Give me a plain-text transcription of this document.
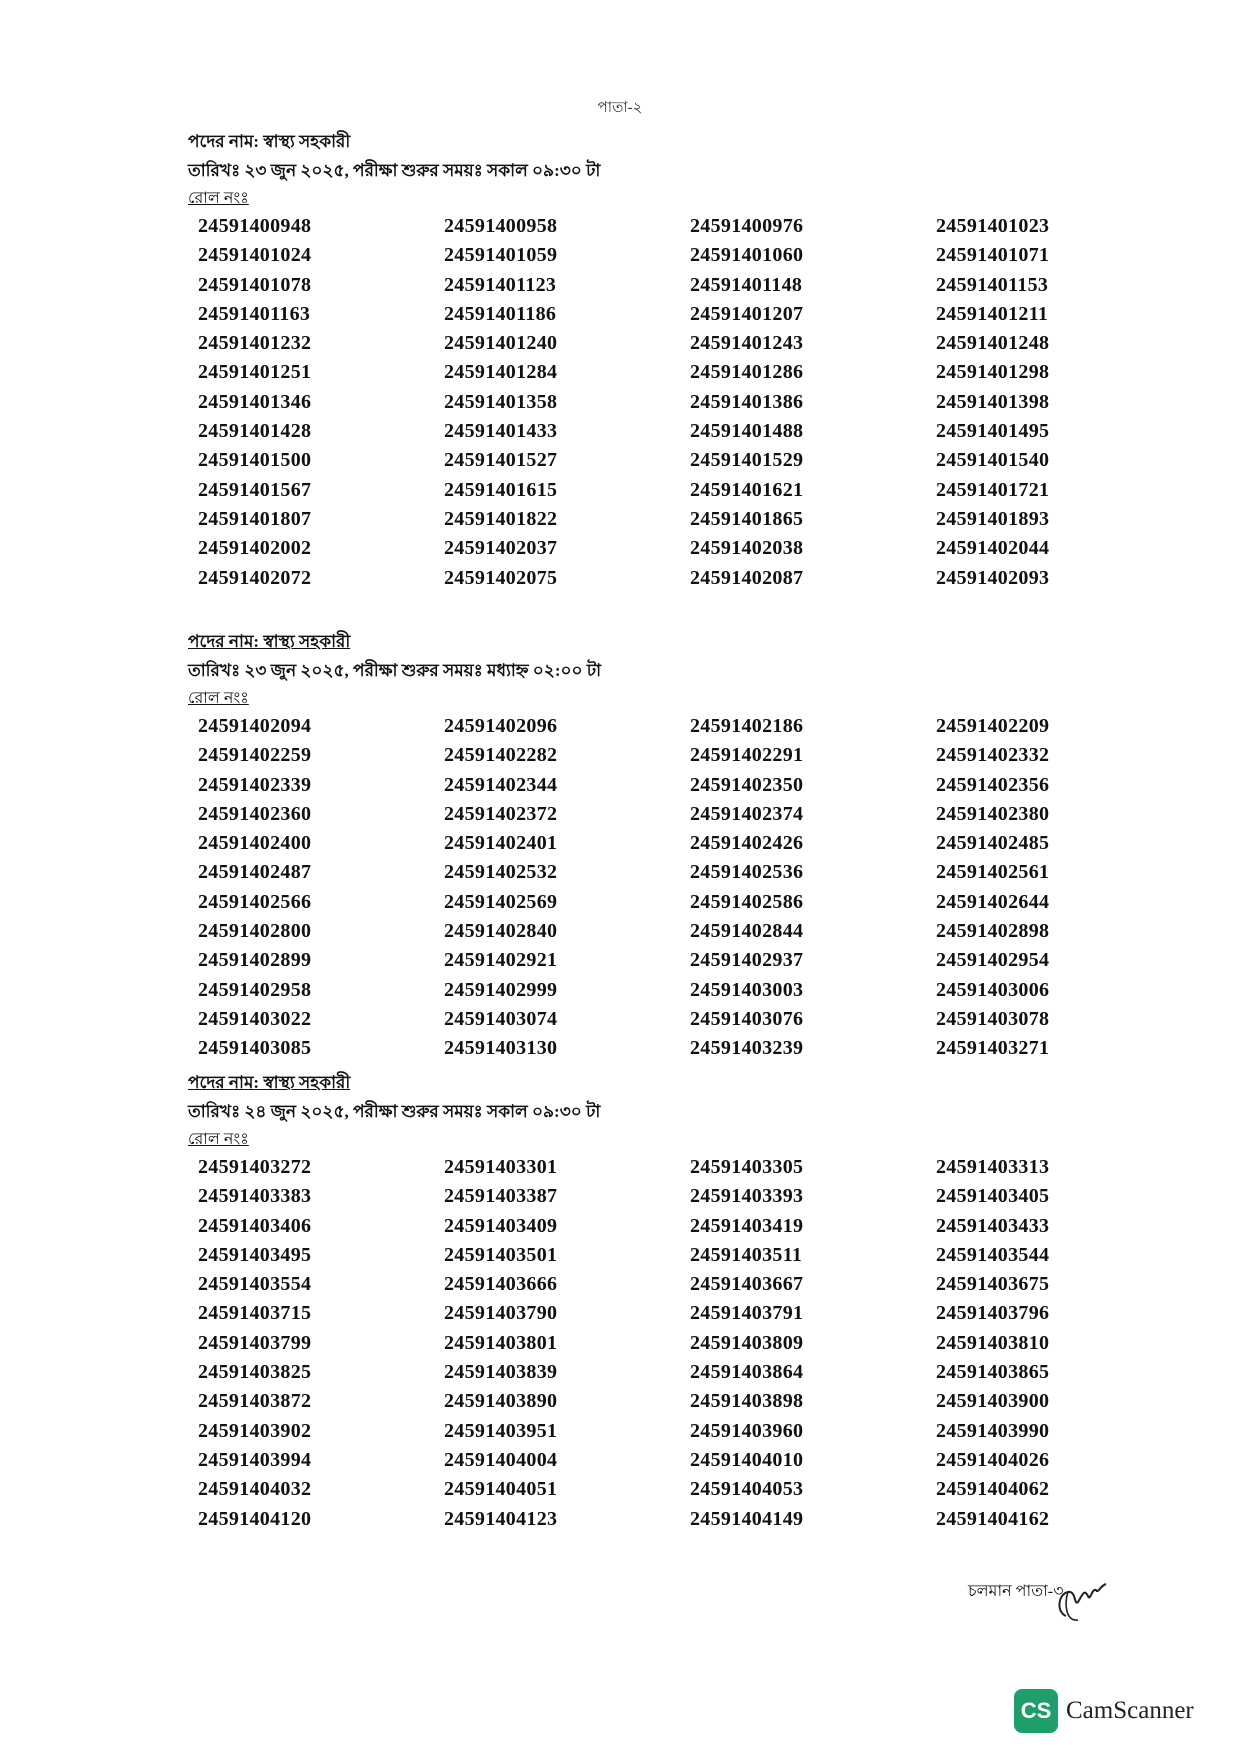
পাতা-২
পদের নাম: স্বাস্থ্য সহকারী
তারিখঃ ২৩ জুন ২০২৫, পরীক্ষা শুরুর সময়ঃ সকাল ০৯:৩০ টা
রোল নংঃ
24591400948	24591400958	24591400976	24591401023
24591401024	24591401059	24591401060	24591401071
24591401078	24591401123	24591401148	24591401153
24591401163	24591401186	24591401207	24591401211
24591401232	24591401240	24591401243	24591401248
24591401251	24591401284	24591401286	24591401298
24591401346	24591401358	24591401386	24591401398
24591401428	24591401433	24591401488	24591401495
24591401500	24591401527	24591401529	24591401540
24591401567	24591401615	24591401621	24591401721
24591401807	24591401822	24591401865	24591401893
24591402002	24591402037	24591402038	24591402044
24591402072	24591402075	24591402087	24591402093
পদের নাম: স্বাস্থ্য সহকারী
তারিখঃ ২৩ জুন ২০২৫, পরীক্ষা শুরুর সময়ঃ মধ্যাহ্ন ০২:০০ টা
রোল নংঃ
24591402094	24591402096	24591402186	24591402209
24591402259	24591402282	24591402291	24591402332
24591402339	24591402344	24591402350	24591402356
24591402360	24591402372	24591402374	24591402380
24591402400	24591402401	24591402426	24591402485
24591402487	24591402532	24591402536	24591402561
24591402566	24591402569	24591402586	24591402644
24591402800	24591402840	24591402844	24591402898
24591402899	24591402921	24591402937	24591402954
24591402958	24591402999	24591403003	24591403006
24591403022	24591403074	24591403076	24591403078
24591403085	24591403130	24591403239	24591403271
পদের নাম: স্বাস্থ্য সহকারী
তারিখঃ ২৪ জুন ২০২৫, পরীক্ষা শুরুর সময়ঃ সকাল ০৯:৩০ টা
রোল নংঃ
24591403272	24591403301	24591403305	24591403313
24591403383	24591403387	24591403393	24591403405
24591403406	24591403409	24591403419	24591403433
24591403495	24591403501	24591403511	24591403544
24591403554	24591403666	24591403667	24591403675
24591403715	24591403790	24591403791	24591403796
24591403799	24591403801	24591403809	24591403810
24591403825	24591403839	24591403864	24591403865
24591403872	24591403890	24591403898	24591403900
24591403902	24591403951	24591403960	24591403990
24591403994	24591404004	24591404010	24591404026
24591404032	24591404051	24591404053	24591404062
24591404120	24591404123	24591404149	24591404162
চলমান পাতা-৩
CS CamScanner
